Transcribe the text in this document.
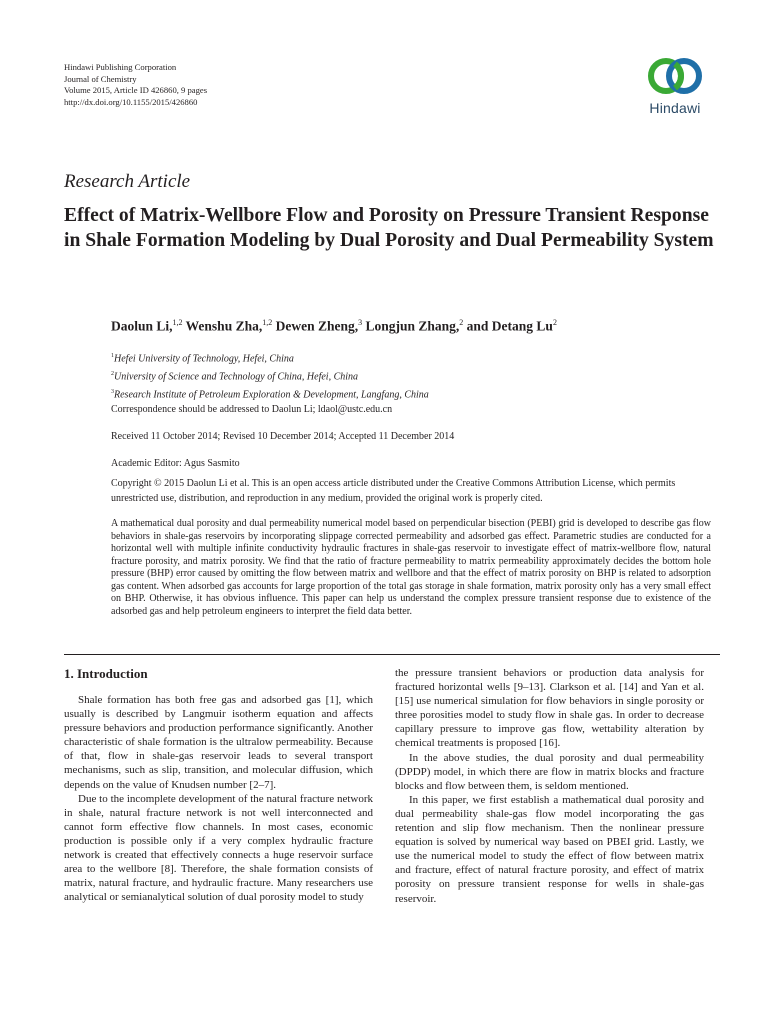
Hindawi Publishing Corporation
Journal of Chemistry
Volume 2015, Article ID 426860, 9 pages
http://dx.doi.org/10.1155/2015/426860	Hindawi
Research Article
Effect of Matrix-Wellbore Flow and Porosity on Pressure Transient Response in Shale Formation Modeling by Dual Porosity and Dual Permeability System
Daolun Li,$^{1,2}$ Wenshu Zha,$^{1,2}$ Dewen Zheng,$^3$ Longjun Zhang,$^2$ and Detang Lu$^2$
$^1$Hefei University of Technology, Hefei, China
$^2$University of Science and Technology of China, Hefei, China
$^3$Research Institute of Petroleum Exploration & Development, Langfang, China
Correspondence should be addressed to Daolun Li; ldaol@ustc.edu.cn
Received 11 October 2014; Revised 10 December 2014; Accepted 11 December 2014
Academic Editor: Agus Sasmito
Copyright © 2015 Daolun Li et al. This is an open access article distributed under the Creative Commons Attribution License, which permits unrestricted use, distribution, and reproduction in any medium, provided the original work is properly cited.
A mathematical dual porosity and dual permeability numerical model based on perpendicular bisection (PEBI) grid is developed to describe gas flow behaviors in shale-gas reservoirs by incorporating slippage corrected permeability and adsorbed gas effect. Parametric studies are conducted for a horizontal well with multiple infinite conductivity hydraulic fractures in shale-gas reservoir to investigate effect of matrix-wellbore flow, natural fracture porosity, and matrix porosity. We find that the ratio of fracture permeability to matrix permeability approximately decides the bottom hole pressure (BHP) error caused by omitting the flow between matrix and wellbore and that the effect of matrix porosity on BHP is related to adsorption gas content. When adsorbed gas accounts for large proportion of the total gas storage in shale formation, matrix porosity only has a very small effect on BHP. Otherwise, it has obvious influence. This paper can help us understand the complex pressure transient response due to existence of the adsorbed gas and help petroleum engineers to interpret the field data better.
1. Introduction

Shale formation has both free gas and adsorbed gas [1], which usually is described by Langmuir isotherm equation and affects pressure behaviors and production performance significantly. Another characteristic of shale formation is the ultralow permeability. Because of that, flow in shale-gas reservoir leads to several transport mechanisms, such as slip, transition, and molecular diffusion, which depends on the value of Knudsen number [2–7].

Due to the incomplete development of the natural fracture network in shale, natural fracture network is not well interconnected and cannot form effective flow channels. In most cases, economic production is possible only if a very complex hydraulic fracture network is created that effectively connects a huge reservoir surface area to the wellbore [8]. Therefore, the shale formation consists of matrix, natural fracture, and hydraulic fracture. Many researchers use analytical or semianalytical solution of dual porosity model to study

the pressure transient behaviors or production data analysis for fractured horizontal wells [9–13]. Clarkson et al. [14] and Yan et al. [15] use numerical simulation for flow behaviors in single porosity or three porosities model to study flow in shale gas. In order to decrease capillary pressure to improve gas flow, wettability alteration by chemical treatments is proposed [16].

In the above studies, the dual porosity and dual permeability (DPDP) model, in which there are flow in matrix blocks and fracture blocks and flow between them, is seldom mentioned.

In this paper, we first establish a mathematical dual porosity and dual permeability shale-gas flow model incorporating the gas retention and slip flow mechanism. Then the nonlinear pressure equation is solved by numerical way based on PBEI grid. Lastly, we use the numerical model to study the effect of flow between matrix and fracture, effect of natural fracture porosity, and effect of matrix porosity on pressure transient response for wells in shale-gas reservoir.
